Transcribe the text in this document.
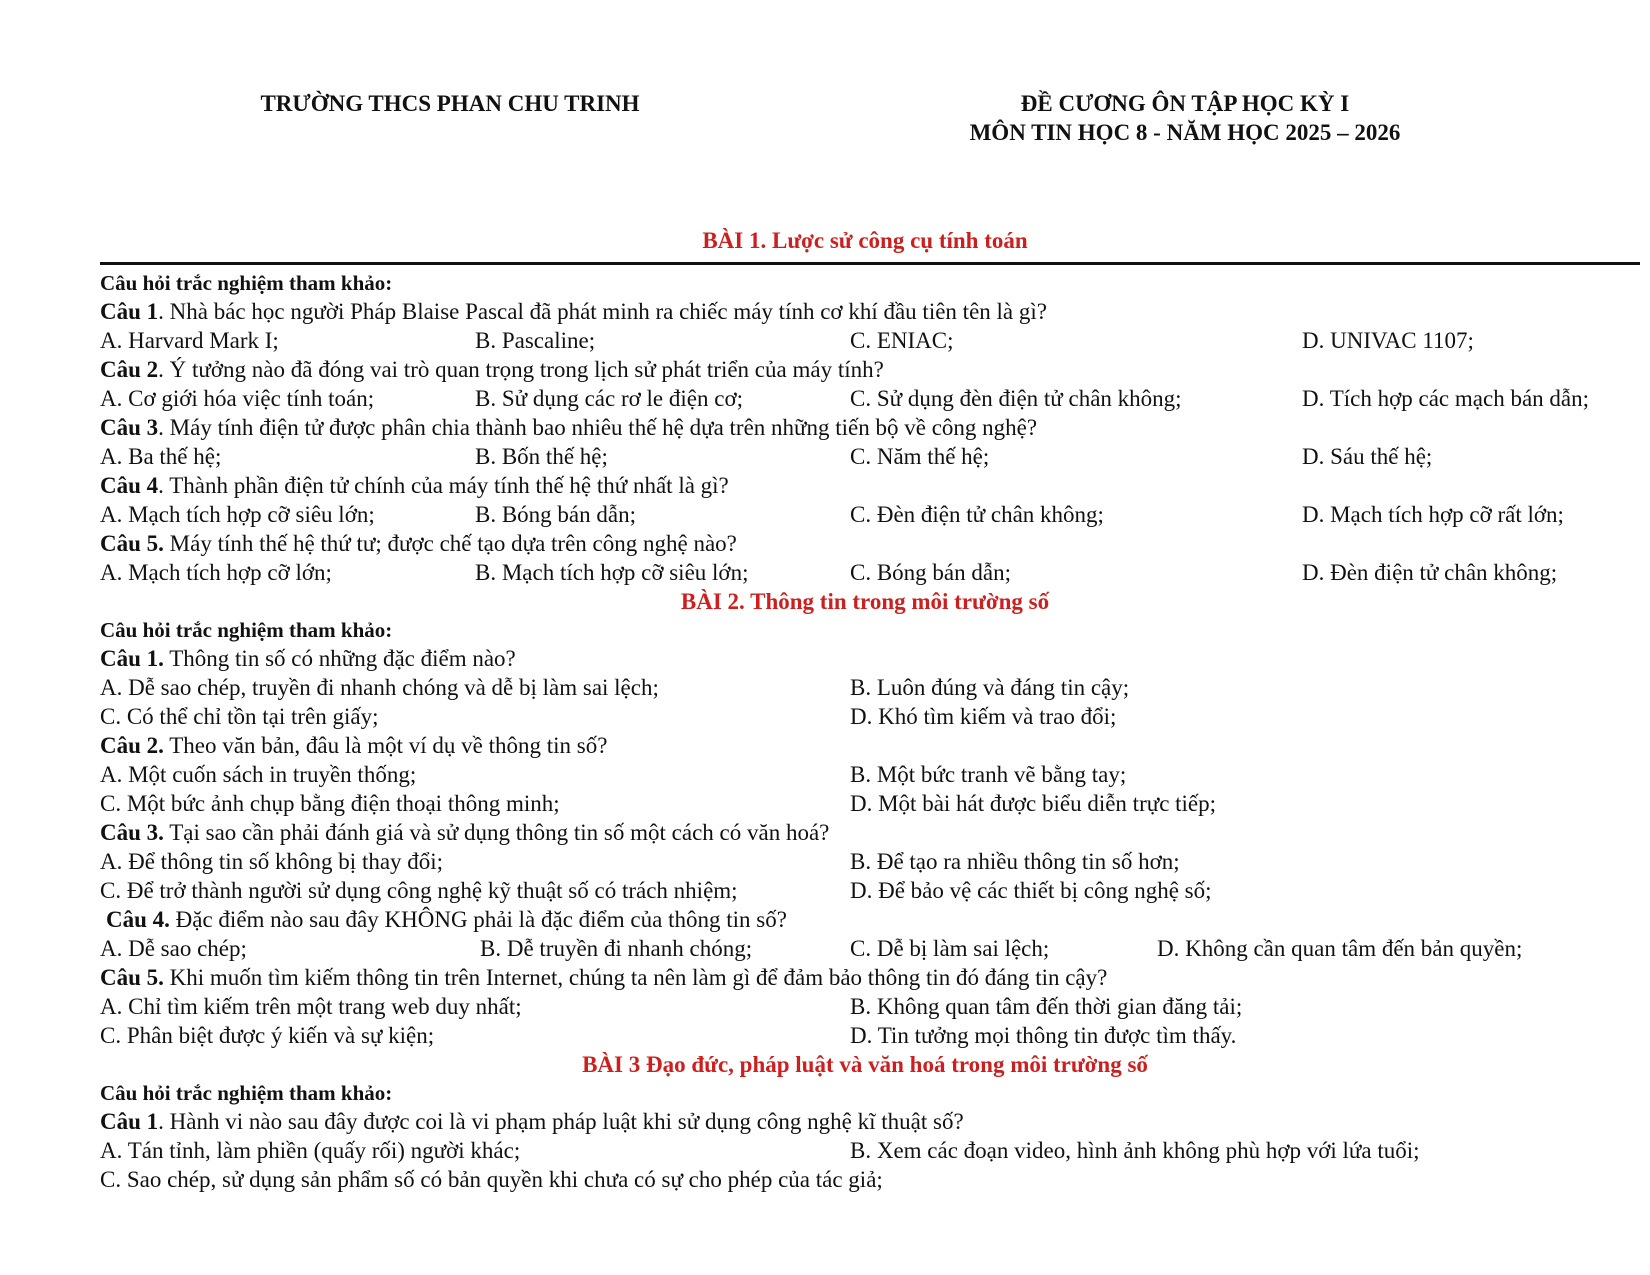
TRƯỜNG THCS PHAN CHU TRINH	ĐỀ CƯƠNG ÔN TẬP HỌC KỲ I
MÔN TIN HỌC 8 - NĂM HỌC 2025 – 2026
BÀI 1. Lược sử công cụ tính toán
Câu hỏi trắc nghiệm tham khảo:
Câu 1. Nhà bác học người Pháp Blaise Pascal đã phát minh ra chiếc máy tính cơ khí đầu tiên tên là gì?
A. Harvard Mark I;	B. Pascaline;	C. ENIAC;	D. UNIVAC 1107;
Câu 2. Ý tưởng nào đã đóng vai trò quan trọng trong lịch sử phát triển của máy tính?
A. Cơ giới hóa việc tính toán;	B. Sử dụng các rơ le điện cơ;	C. Sử dụng đèn điện tử chân không;	D. Tích hợp các mạch bán dẫn;
Câu 3. Máy tính điện tử được phân chia thành bao nhiêu thế hệ dựa trên những tiến bộ về công nghệ?
A. Ba thế hệ;	B. Bốn thế hệ;	C. Năm thế hệ;	D. Sáu thế hệ;
Câu 4. Thành phần điện tử chính của máy tính thế hệ thứ nhất là gì?
A. Mạch tích hợp cỡ siêu lớn;	B. Bóng bán dẫn;	C. Đèn điện tử chân không;	D. Mạch tích hợp cỡ rất lớn;
Câu 5. Máy tính thế hệ thứ tư; được chế tạo dựa trên công nghệ nào?
A. Mạch tích hợp cỡ lớn;	B. Mạch tích hợp cỡ siêu lớn;	C. Bóng bán dẫn;	D. Đèn điện tử chân không;
BÀI 2. Thông tin trong môi trường số
Câu hỏi trắc nghiệm tham khảo:
Câu 1. Thông tin số có những đặc điểm nào?
A. Dễ sao chép, truyền đi nhanh chóng và dễ bị làm sai lệch;	B. Luôn đúng và đáng tin cậy;
C. Có thể chỉ tồn tại trên giấy;	D. Khó tìm kiếm và trao đổi;
Câu 2. Theo văn bản, đâu là một ví dụ về thông tin số?
A. Một cuốn sách in truyền thống;	B. Một bức tranh vẽ bằng tay;
C. Một bức ảnh chụp bằng điện thoại thông minh;	D. Một bài hát được biểu diễn trực tiếp;
Câu 3. Tại sao cần phải đánh giá và sử dụng thông tin số một cách có văn hoá?
A. Để thông tin số không bị thay đổi;	B. Để tạo ra nhiều thông tin số hơn;
C. Để trở thành người sử dụng công nghệ kỹ thuật số có trách nhiệm;	D. Để bảo vệ các thiết bị công nghệ số;
Câu 4. Đặc điểm nào sau đây KHÔNG phải là đặc điểm của thông tin số?
A. Dễ sao chép;	B. Dễ truyền đi nhanh chóng;	C. Dễ bị làm sai lệch;	D. Không cần quan tâm đến bản quyền;
Câu 5. Khi muốn tìm kiếm thông tin trên Internet, chúng ta nên làm gì để đảm bảo thông tin đó đáng tin cậy?
A. Chỉ tìm kiếm trên một trang web duy nhất;	B. Không quan tâm đến thời gian đăng tải;
C. Phân biệt được ý kiến và sự kiện;	D. Tin tưởng mọi thông tin được tìm thấy.
BÀI 3 Đạo đức, pháp luật và văn hoá trong môi trường số
Câu hỏi trắc nghiệm tham khảo:
Câu 1. Hành vi nào sau đây được coi là vi phạm pháp luật khi sử dụng công nghệ kĩ thuật số?
A. Tán tỉnh, làm phiền (quấy rối) người khác;	B. Xem các đoạn video, hình ảnh không phù hợp với lứa tuổi;
C. Sao chép, sử dụng sản phẩm số có bản quyền khi chưa có sự cho phép của tác giả;
